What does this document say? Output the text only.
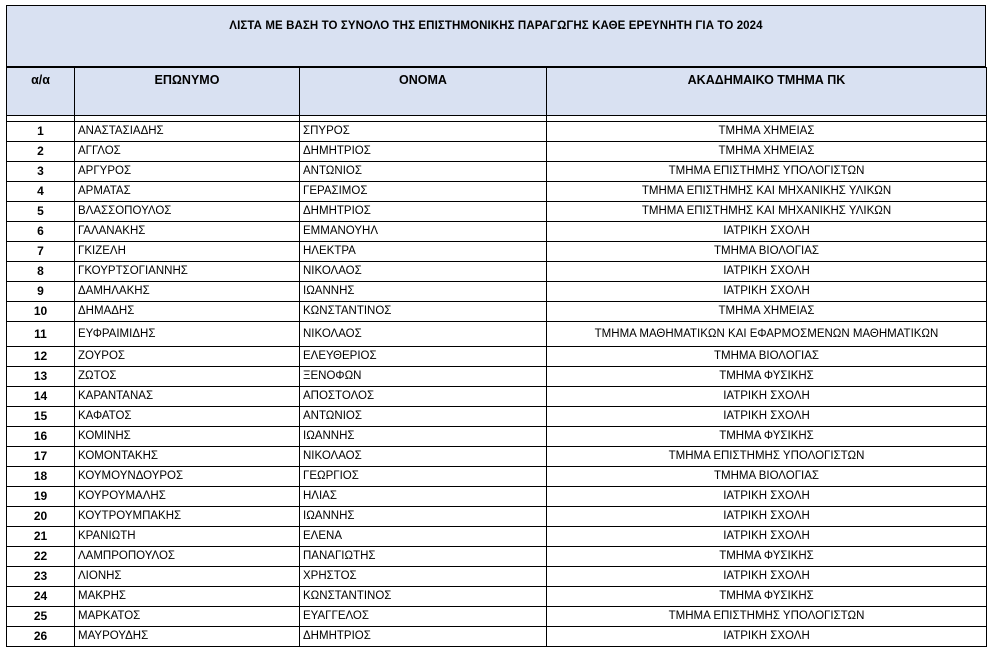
ΛΙΣΤΑ ΜΕ ΒΑΣΗ ΤΟ ΣΥΝΟΛΟ ΤΗΣ ΕΠΙΣΤΗΜΟΝΙΚΗΣ ΠΑΡΑΓΩΓΗΣ ΚΑΘΕ ΕΡΕΥΝΗΤΗ ΓΙΑ ΤΟ 2024
α/α	ΕΠΩΝΥΜΟ	ΟΝΟΜΑ	ΑΚΑΔΗΜΑΙΚΟ ΤΜΗΜΑ ΠΚ

1	ΑΝΑΣΤΑΣΙΑΔΗΣ	ΣΠΥΡΟΣ	ΤΜΗΜΑ ΧΗΜΕΙΑΣ
2	ΑΓΓΛΟΣ	ΔΗΜΗΤΡΙΟΣ	ΤΜΗΜΑ ΧΗΜΕΙΑΣ
3	ΑΡΓΥΡΟΣ	ΑΝΤΩΝΙΟΣ	ΤΜΗΜΑ ΕΠΙΣΤΗΜΗΣ ΥΠΟΛΟΓΙΣΤΩΝ
4	ΑΡΜΑΤΑΣ	ΓΕΡΑΣΙΜΟΣ	ΤΜΗΜΑ ΕΠΙΣΤΗΜΗΣ ΚΑΙ ΜΗΧΑΝΙΚΗΣ ΥΛΙΚΩΝ
5	ΒΛΑΣΣΟΠΟΥΛΟΣ	ΔΗΜΗΤΡΙΟΣ	ΤΜΗΜΑ ΕΠΙΣΤΗΜΗΣ ΚΑΙ ΜΗΧΑΝΙΚΗΣ ΥΛΙΚΩΝ
6	ΓΑΛΑΝΑΚΗΣ	ΕΜΜΑΝΟΥΗΛ	ΙΑΤΡΙΚΗ ΣΧΟΛΗ
7	ΓΚΙΖΕΛΗ	ΗΛΕΚΤΡΑ	ΤΜΗΜΑ ΒΙΟΛΟΓΙΑΣ
8	ΓΚΟΥΡΤΣΟΓΙΑΝΝΗΣ	ΝΙΚΟΛΑΟΣ	ΙΑΤΡΙΚΗ ΣΧΟΛΗ
9	ΔΑΜΗΛΑΚΗΣ	ΙΩΑΝΝΗΣ	ΙΑΤΡΙΚΗ ΣΧΟΛΗ
10	ΔΗΜΑΔΗΣ	ΚΩΝΣΤΑΝΤΙΝΟΣ	ΤΜΗΜΑ ΧΗΜΕΙΑΣ
11	ΕΥΦΡΑΙΜΙΔΗΣ	ΝΙΚΟΛΑΟΣ	ΤΜΗΜΑ ΜΑΘΗΜΑΤΙΚΩΝ ΚΑΙ ΕΦΑΡΜΟΣΜΕΝΩΝ ΜΑΘΗΜΑΤΙΚΩΝ
12	ΖΟΥΡΟΣ	ΕΛΕΥΘΕΡΙΟΣ	ΤΜΗΜΑ ΒΙΟΛΟΓΙΑΣ
13	ΖΩΤΟΣ	ΞΕΝΟΦΩΝ	ΤΜΗΜΑ ΦΥΣΙΚΗΣ
14	ΚΑΡΑΝΤΑΝΑΣ	ΑΠΟΣΤΟΛΟΣ	ΙΑΤΡΙΚΗ ΣΧΟΛΗ
15	ΚΑΦΑΤΟΣ	ΑΝΤΩΝΙΟΣ	ΙΑΤΡΙΚΗ ΣΧΟΛΗ
16	ΚΟΜΙΝΗΣ	ΙΩΑΝΝΗΣ	ΤΜΗΜΑ ΦΥΣΙΚΗΣ
17	ΚΟΜΟΝΤΑΚΗΣ	ΝΙΚΟΛΑΟΣ	ΤΜΗΜΑ ΕΠΙΣΤΗΜΗΣ ΥΠΟΛΟΓΙΣΤΩΝ
18	ΚΟΥΜΟΥΝΔΟΥΡΟΣ	ΓΕΩΡΓΙΟΣ	ΤΜΗΜΑ ΒΙΟΛΟΓΙΑΣ
19	ΚΟΥΡΟΥΜΑΛΗΣ	ΗΛΙΑΣ	ΙΑΤΡΙΚΗ ΣΧΟΛΗ
20	ΚΟΥΤΡΟΥΜΠΑΚΗΣ	ΙΩΑΝΝΗΣ	ΙΑΤΡΙΚΗ ΣΧΟΛΗ
21	ΚΡΑΝΙΩΤΗ	ΕΛΕΝΑ	ΙΑΤΡΙΚΗ ΣΧΟΛΗ
22	ΛΑΜΠΡΟΠΟΥΛΟΣ	ΠΑΝΑΓΙΩΤΗΣ	ΤΜΗΜΑ ΦΥΣΙΚΗΣ
23	ΛΙΟΝΗΣ	ΧΡΗΣΤΟΣ	ΙΑΤΡΙΚΗ ΣΧΟΛΗ
24	ΜΑΚΡΗΣ	ΚΩΝΣΤΑΝΤΙΝΟΣ	ΤΜΗΜΑ ΦΥΣΙΚΗΣ
25	ΜΑΡΚΑΤΟΣ	ΕΥΑΓΓΕΛΟΣ	ΤΜΗΜΑ ΕΠΙΣΤΗΜΗΣ ΥΠΟΛΟΓΙΣΤΩΝ
26	ΜΑΥΡΟΥΔΗΣ	ΔΗΜΗΤΡΙΟΣ	ΙΑΤΡΙΚΗ ΣΧΟΛΗ
